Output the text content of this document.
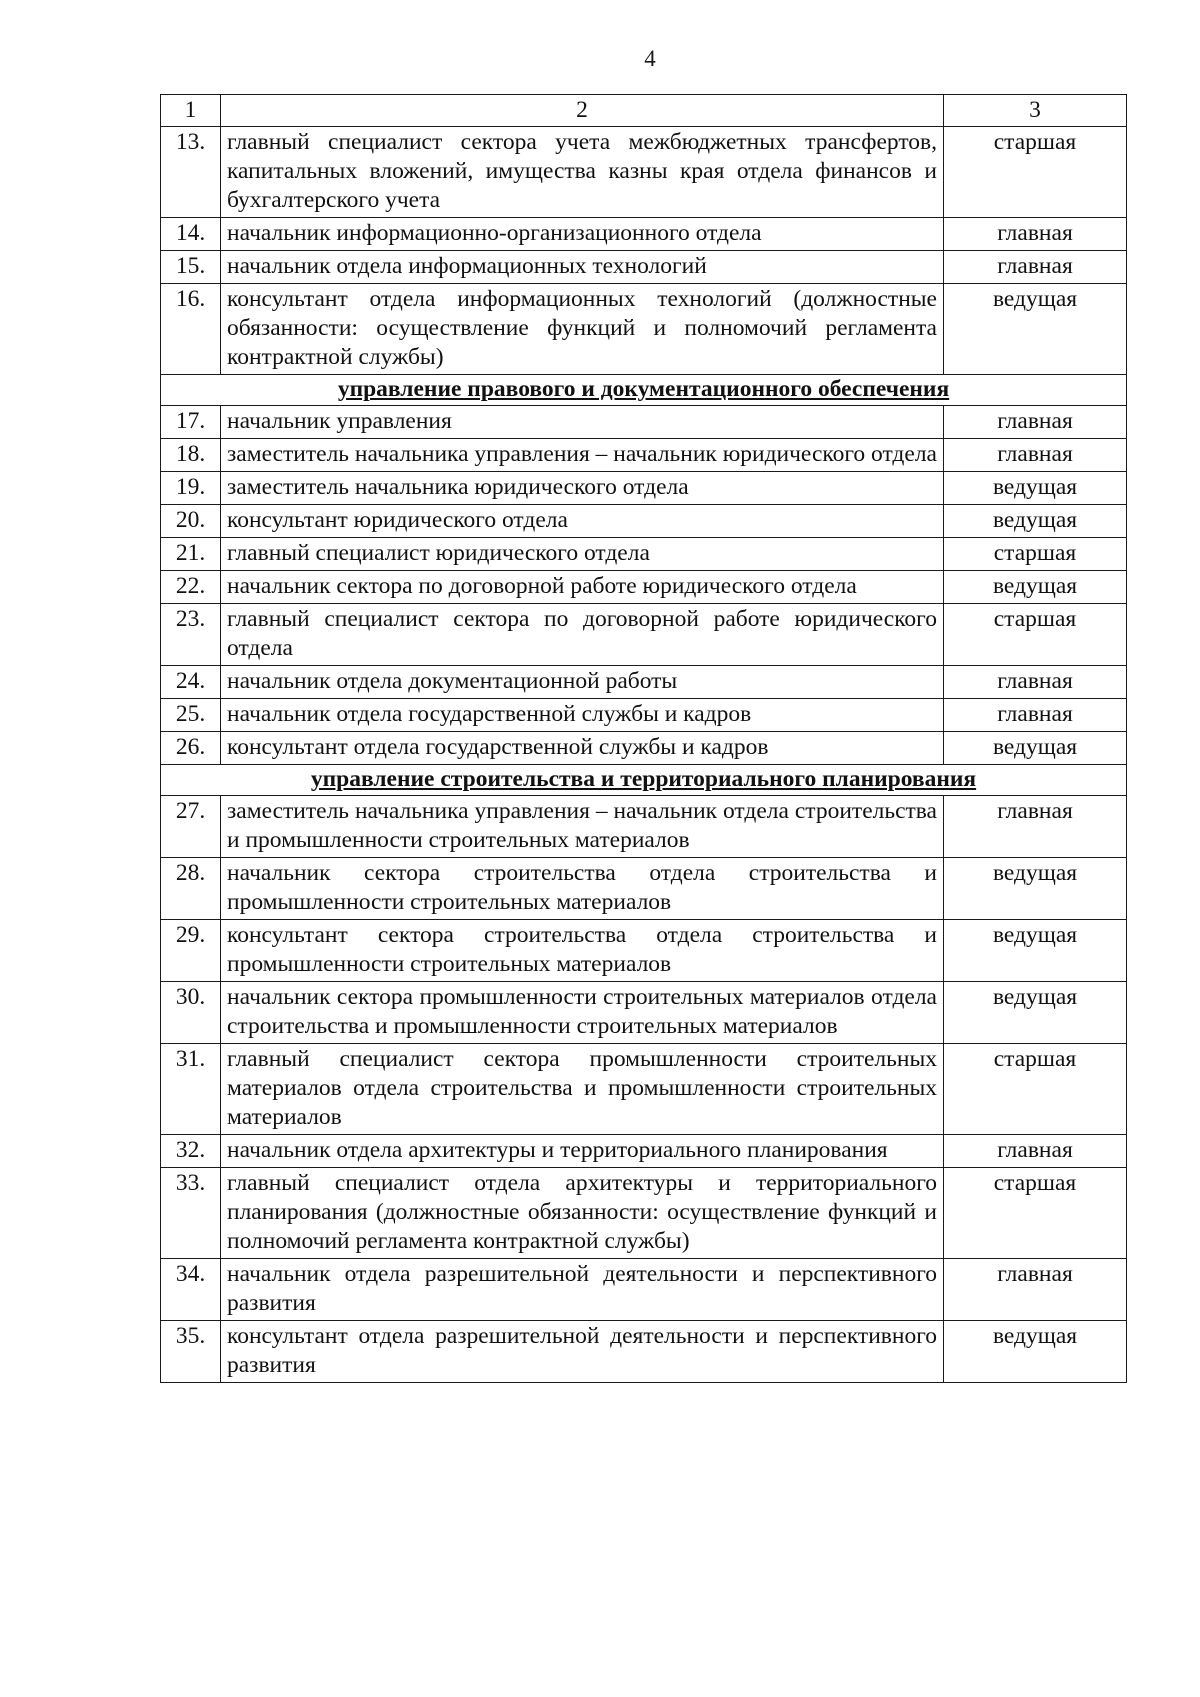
4
1	2	3
13.	главный специалист сектора учета межбюджетных трансфертов, капитальных вложений, имущества казны края отдела финансов и бухгалтерского учета	старшая
14.	начальник информационно-организационного отдела	главная
15.	начальник отдела информационных технологий	главная
16.	консультант отдела информационных технологий (должностные обязанности: осуществление функций и полномочий регламента контрактной службы)	ведущая
управление правового и документационного обеспечения		
17.	начальник управления	главная
18.	заместитель начальника управления – начальник юридического отдела	главная
19.	заместитель начальника юридического отдела	ведущая
20.	консультант юридического отдела	ведущая
21.	главный специалист юридического отдела	старшая
22.	начальник сектора по договорной работе юридического отдела	ведущая
23.	главный специалист сектора по договорной работе юридического отдела	старшая
24.	начальник отдела документационной работы	главная
25.	начальник отдела государственной службы и кадров	главная
26.	консультант отдела государственной службы и кадров	ведущая
управление строительства и территориального планирования		
27.	заместитель начальника управления – начальник отдела строительства и промышленности строительных материалов	главная
28.	начальник сектора строительства отдела строительства и промышленности строительных материалов	ведущая
29.	консультант сектора строительства отдела строительства и промышленности строительных материалов	ведущая
30.	начальник сектора промышленности строительных материалов отдела строительства и промышленности строительных материалов	ведущая
31.	главный специалист сектора промышленности строительных материалов отдела строительства и промышленности строительных материалов	старшая
32.	начальник отдела архитектуры и территориального планирования	главная
33.	главный специалист отдела архитектуры и территориального планирования (должностные обязанности: осуществление функций и полномочий регламента контрактной службы)	старшая
34.	начальник отдела разрешительной деятельности и перспективного развития	главная
35.	консультант отдела разрешительной деятельности и перспективного развития	ведущая
